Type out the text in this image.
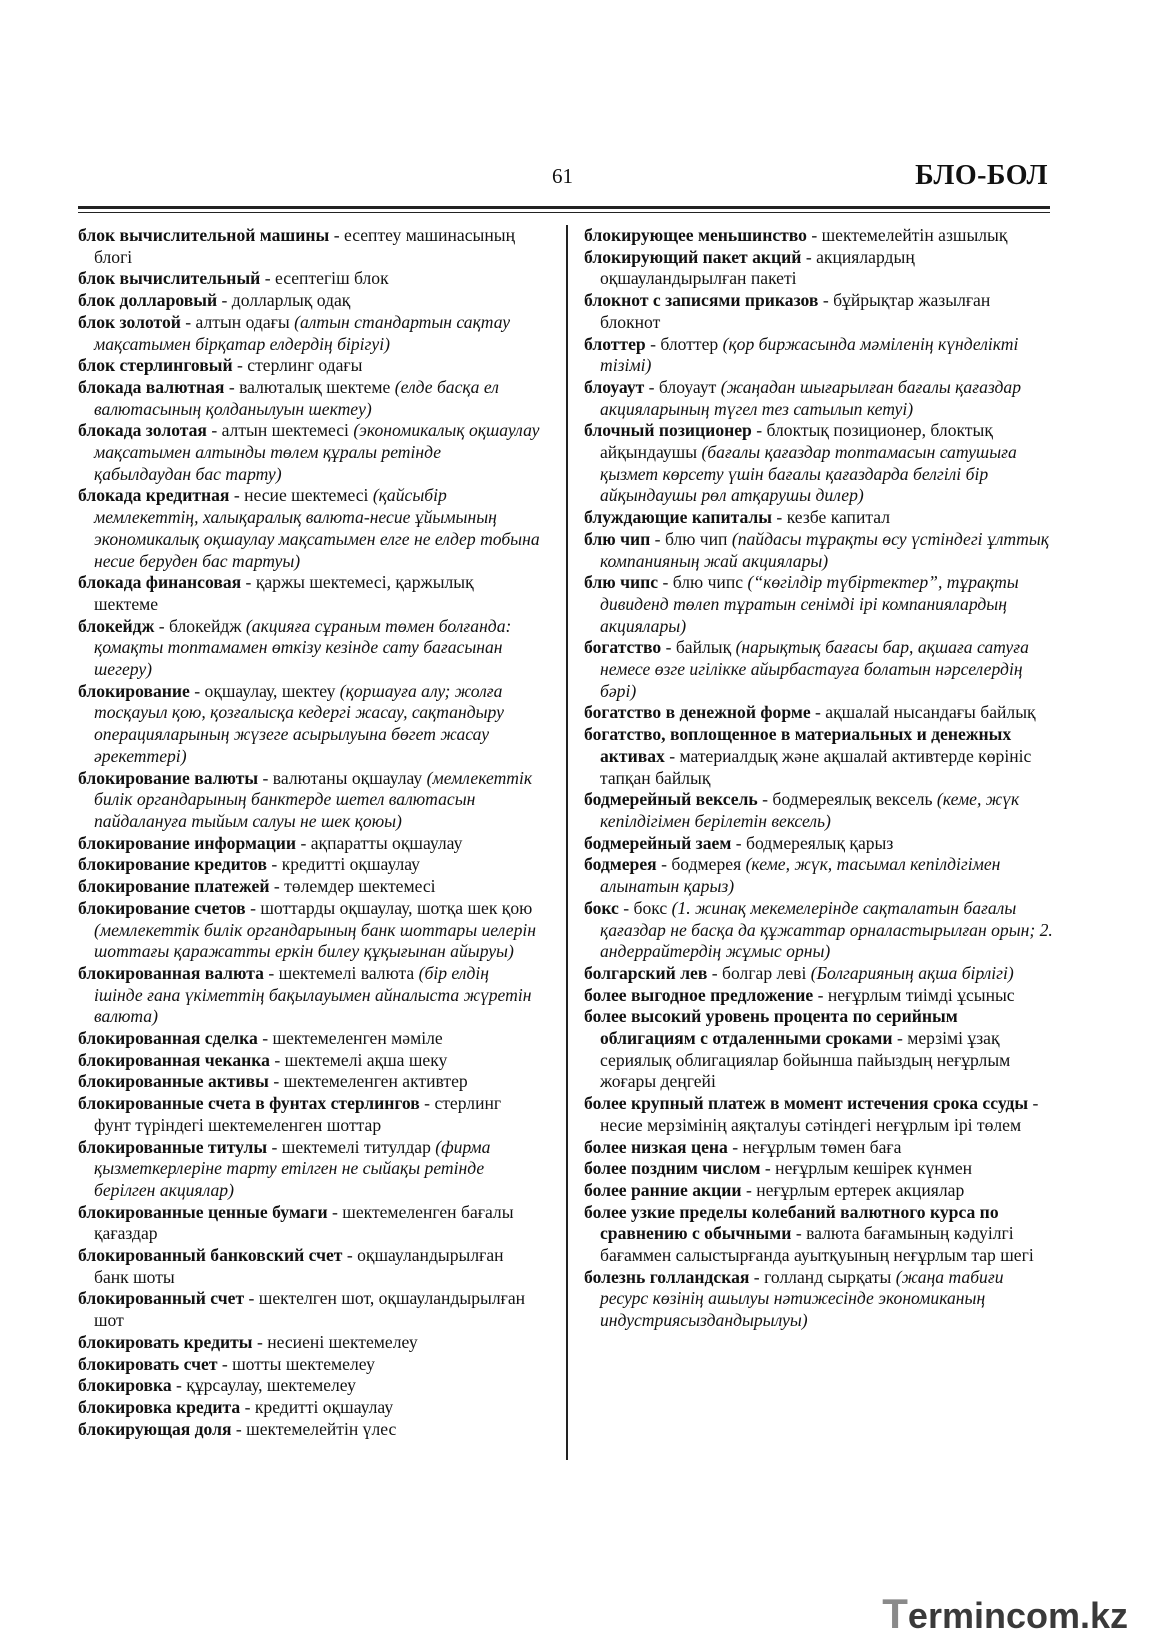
61	БЛО-БОЛ

блок вычислительной машины - есептеу машинасының блогі

блок вычислительный - есептегіш блок

блок долларовый - долларлық одақ

блок золотой - алтын одағы (алтын стандартын сақтау мақсатымен бірқатар елдердің бірігуі)

блок стерлинговый - стерлинг одағы

блокада валютная - валюталық шектеме (елде басқа ел валютасының қолданылуын шектеу)

блокада золотая - алтын шектемесі (экономикалық оқшаулау мақсатымен алтынды төлем құралы ретінде қабылдаудан бас тарту)

блокада кредитная - несие шектемесі (қайсыбір мемлекеттің, халықаралық валюта-несие ұйымының экономикалық оқшаулау мақсатымен елге не елдер тобына несие беруден бас тартуы)

блокада финансовая - қаржы шектемесі, қаржылық шектеме

блокейдж - блокейдж (акцияға сұраным төмен болғанда: қомақты топтамамен өткізу кезінде сату бағасынан шегеру)

блокирование - оқшаулау, шектеу (қоршауға алу; жолға тосқауыл қою, қозғалысқа кедергі жасау, сақтандыру операцияларының жүзеге асырылуына бөгет жасау әрекеттері)

блокирование валюты - валютаны оқшаулау (мемлекеттік билік органдарының банктерде шетел валютасын пайдалануға тыйым салуы не шек қоюы)

блокирование информации - ақпаратты оқшаулау

блокирование кредитов - кредитті оқшаулау

блокирование платежей - төлемдер шектемесі

блокирование счетов - шоттарды оқшаулау, шотқа шек қою (мемлекеттік билік органдарының банк шоттары иелерін шоттағы қаражатты еркін билеу құқығынан айыруы)

блокированная валюта - шектемелі валюта (бір елдің ішінде ғана үкіметтің бақылауымен айналыста жүретін валюта)

блокированная сделка - шектемеленген мәміле

блокированная чеканка - шектемелі ақша шеку

блокированные активы - шектемеленген активтер

блокированные счета в фунтах стерлингов - стерлинг фунт түріндегі шектемеленген шоттар

блокированные титулы - шектемелі титулдар (фирма қызметкерлеріне тарту етілген не сыйақы ретінде берілген акциялар)

блокированные ценные бумаги - шектемеленген бағалы қағаздар

блокированный банковский счет - оқшауландырылған банк шоты

блокированный счет - шектелген шот, оқшауландырылған шот

блокировать кредиты - несиені шектемелеу

блокировать счет - шотты шектемелеу

блокировка - құрсаулау, шектемелеу

блокировка кредита - кредитті оқшаулау

блокирующая доля - шектемелейтін үлес

блокирующее меньшинство - шектемелейтін азшылық

блокирующий пакет акций - акциялардың оқшауландырылған пакеті

блокнот с записями приказов - бұйрықтар жазылған блокнот

блоттер - блоттер (қор биржасында мәміленің күнделікті тізімі)

блоуаут - блоуаут (жаңадан шығарылған бағалы қағаздар акцияларының түгел тез сатылып кетуі)

блочный позиционер - блоктық позиционер, блоктық айқындаушы (бағалы қағаздар топтамасын сатушыға қызмет көрсету үшін бағалы қағаздарда белгілі бір айқындаушы рөл атқарушы дилер)

блуждающие капиталы - кезбе капитал

блю чип - блю чип (пайдасы тұрақты өсу үстіндегі ұлттық компанияның жай акциялары)

блю чипс - блю чипс (“көгілдір түбіртектер”, тұрақты дивиденд төлеп тұратын сенімді ірі компаниялардың акциялары)

богатство - байлық (нарықтық бағасы бар, ақшаға сатуға немесе өзге игілікке айырбастауға болатын нәрселердің бәрі)

богатство в денежной форме - ақшалай нысандағы байлық

богатство, воплощенное в материальных и денежных активах - материалдық және ақшалай активтерде көрініс тапқан байлық

бодмерейный вексель - бодмереялық вексель (кеме, жүк кепілдігімен берілетін вексель)

бодмерейный заем - бодмереялық қарыз

бодмерея - бодмерея (кеме, жүк, тасымал кепілдігімен алынатын қарыз)

бокс - бокс (1. жинақ мекемелерінде сақталатын бағалы қағаздар не басқа да құжаттар орналастырылған орын; 2. андеррайтердің жұмыс орны)

болгарский лев - болгар леві (Болгарияның ақша бірлігі)

более выгодное предложение - неғұрлым тиімді ұсыныс

более высокий уровень процента по серийным облигациям с отдаленными сроками - мерзімі ұзақ сериялық облигациялар бойынша пайыздың неғұрлым жоғары деңгейі

более крупный платеж в момент истечения срока ссуды - несие мерзімінің аяқталуы сәтіндегі неғұрлым ірі төлем

более низкая цена - неғұрлым төмен баға

более поздним числом - неғұрлым кешірек күнмен

более ранние акции - неғұрлым ертерек акциялар

более узкие пределы колебаний валютного курса по сравнению с обычными - валюта бағамының кәдуілгі бағаммен салыстырғанда ауытқуының неғұрлым тар шегі

болезнь голландская - голланд сырқаты (жаңа табиғи ресурс көзінің ашылуы нәтижесінде экономиканың индустриясыздандырылуы)

Termincom.kz
